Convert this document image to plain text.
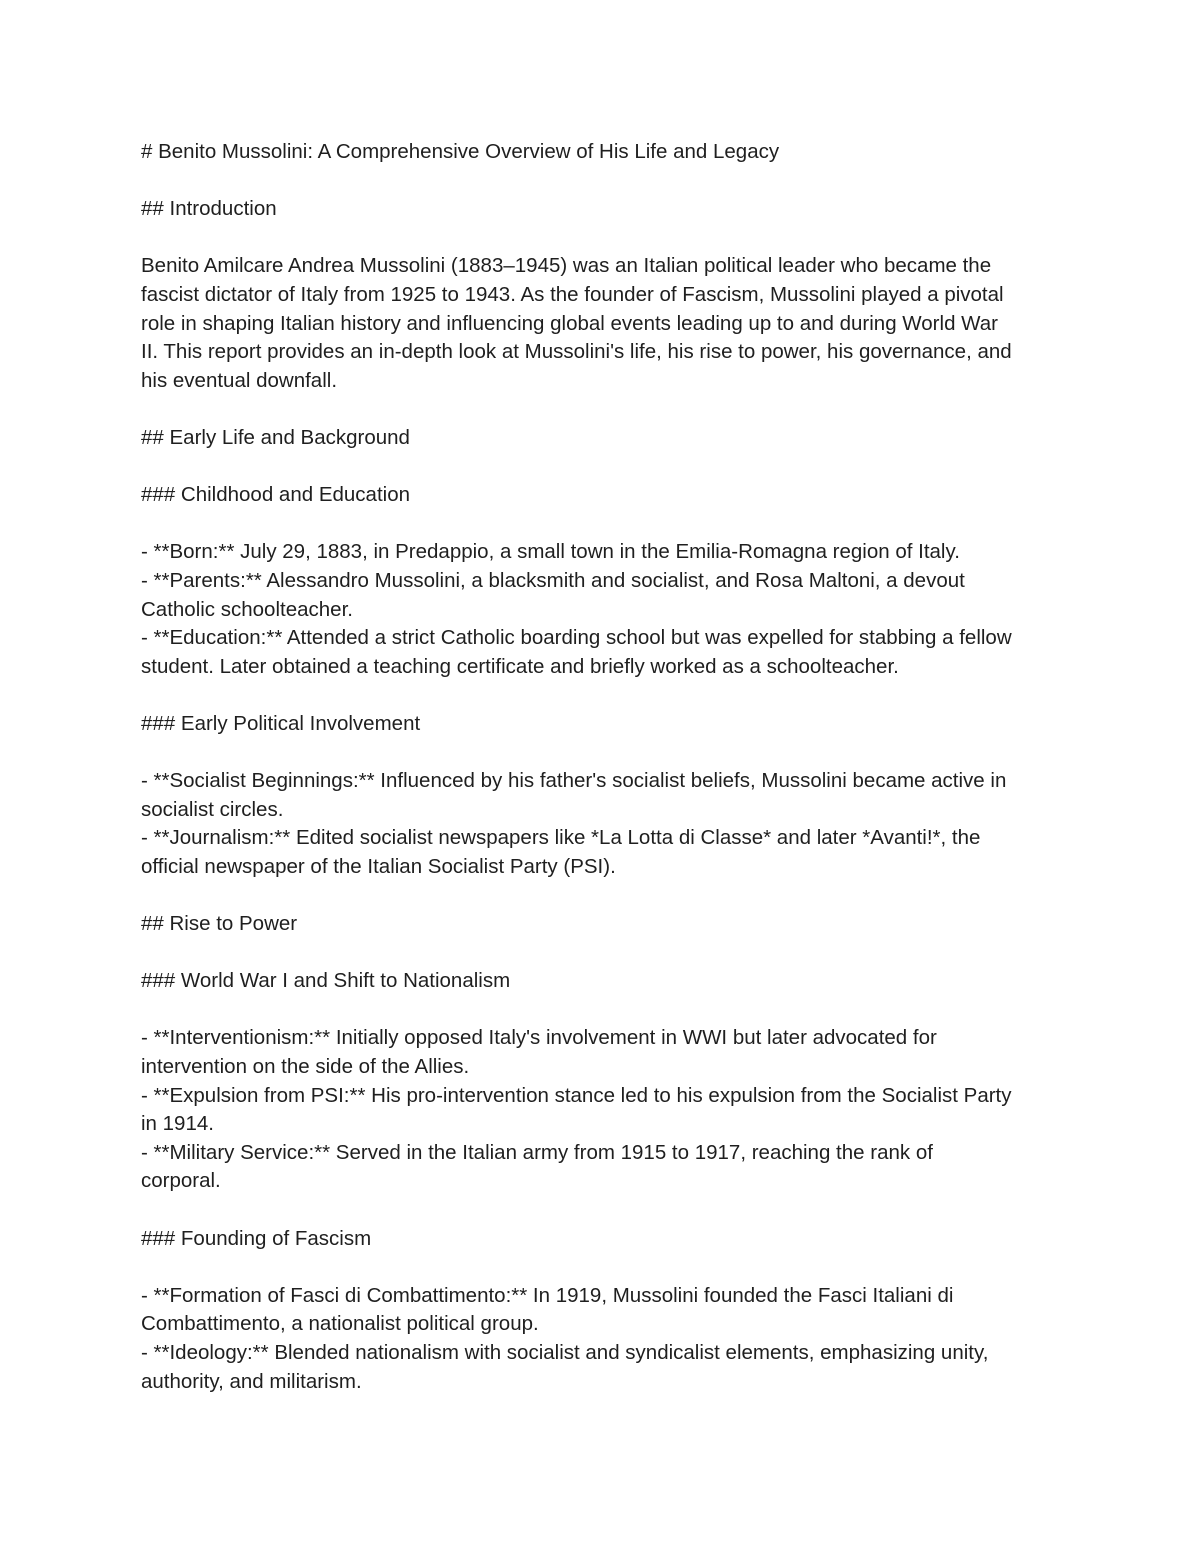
# Benito Mussolini: A Comprehensive Overview of His Life and Legacy

## Introduction

Benito Amilcare Andrea Mussolini (1883–1945) was an Italian political leader who became the
fascist dictator of Italy from 1925 to 1943. As the founder of Fascism, Mussolini played a pivotal
role in shaping Italian history and influencing global events leading up to and during World War
II. This report provides an in-depth look at Mussolini's life, his rise to power, his governance, and
his eventual downfall.

## Early Life and Background

### Childhood and Education

- **Born:** July 29, 1883, in Predappio, a small town in the Emilia-Romagna region of Italy.
- **Parents:** Alessandro Mussolini, a blacksmith and socialist, and Rosa Maltoni, a devout
Catholic schoolteacher.
- **Education:** Attended a strict Catholic boarding school but was expelled for stabbing a fellow
student. Later obtained a teaching certificate and briefly worked as a schoolteacher.

### Early Political Involvement

- **Socialist Beginnings:** Influenced by his father's socialist beliefs, Mussolini became active in
socialist circles.
- **Journalism:** Edited socialist newspapers like *La Lotta di Classe* and later *Avanti!*, the
official newspaper of the Italian Socialist Party (PSI).

## Rise to Power

### World War I and Shift to Nationalism

- **Interventionism:** Initially opposed Italy's involvement in WWI but later advocated for
intervention on the side of the Allies.
- **Expulsion from PSI:** His pro-intervention stance led to his expulsion from the Socialist Party
in 1914.
- **Military Service:** Served in the Italian army from 1915 to 1917, reaching the rank of
corporal.

### Founding of Fascism

- **Formation of Fasci di Combattimento:** In 1919, Mussolini founded the Fasci Italiani di
Combattimento, a nationalist political group.
- **Ideology:** Blended nationalism with socialist and syndicalist elements, emphasizing unity,
authority, and militarism.
